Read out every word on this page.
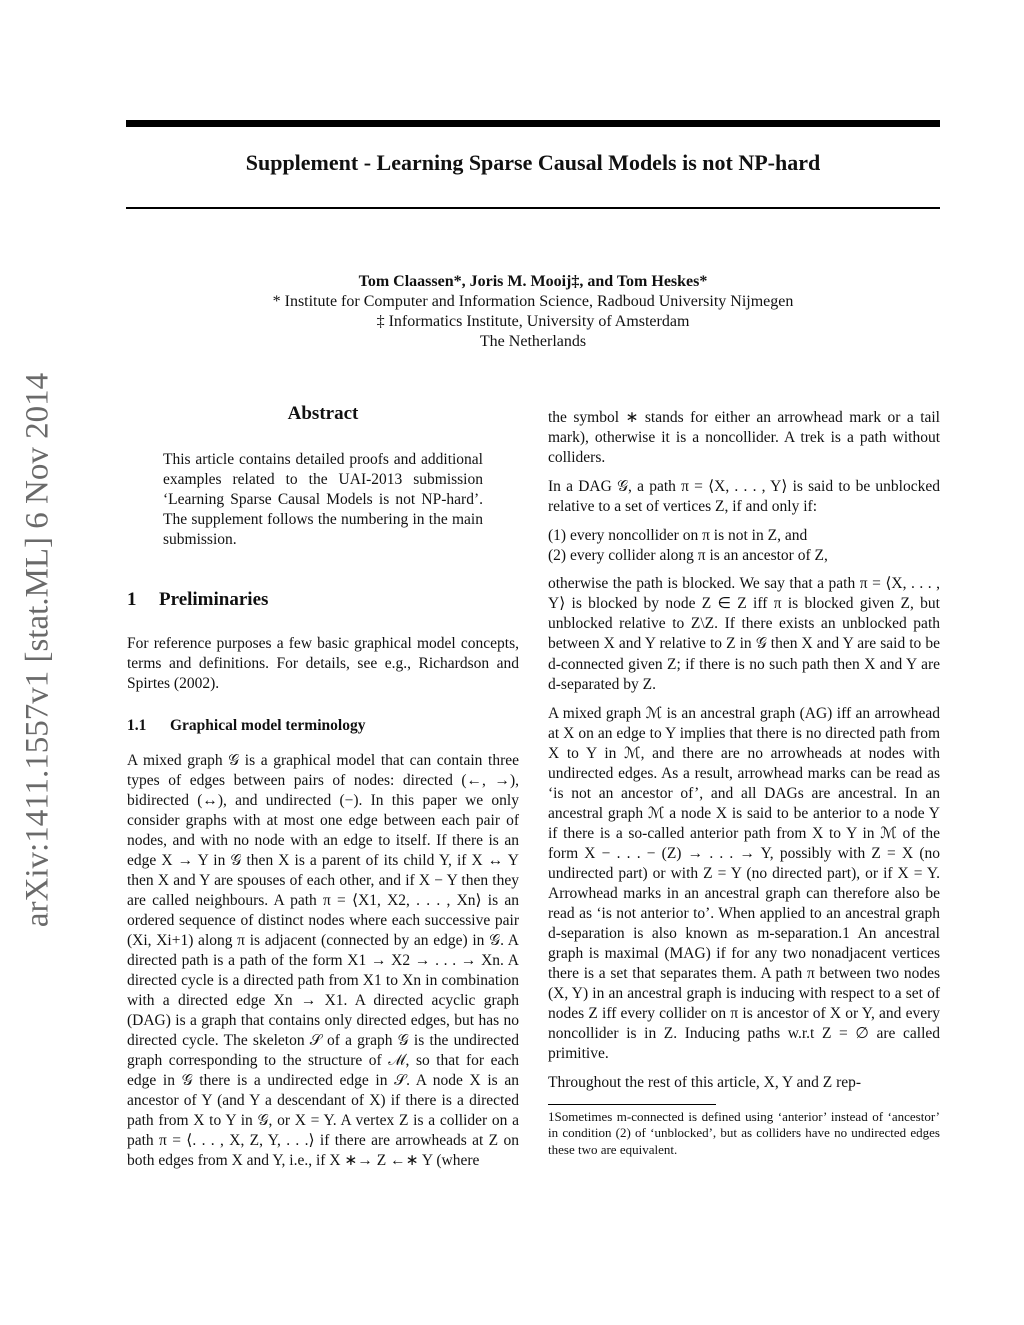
Supplement - Learning Sparse Causal Models is not NP-hard
Tom Claassen*, Joris M. Mooij‡, and Tom Heskes*
* Institute for Computer and Information Science, Radboud University Nijmegen
‡ Informatics Institute, University of Amsterdam
The Netherlands
arXiv:1411.1557v1 [stat.ML] 6 Nov 2014	Abstract
This article contains detailed proofs and additional examples related to the UAI-2013 submission ‘Learning Sparse Causal Models is not NP-hard’. The supplement follows the numbering in the main submission.
1 Preliminaries

For reference purposes a few basic graphical model concepts, terms and definitions. For details, see e.g., Richardson and Spirtes (2002).

1.1 Graphical model terminology

A mixed graph 𝒢 is a graphical model that can contain three types of edges between pairs of nodes: directed (←, →), bidirected (↔), and undirected (−). In this paper we only consider graphs with at most one edge between each pair of nodes, and with no node with an edge to itself. If there is an edge X → Y in 𝒢 then X is a parent of its child Y, if X ↔ Y then X and Y are spouses of each other, and if X − Y then they are called neighbours. A path π = ⟨X1, X2, . . . , Xn⟩ is an ordered sequence of distinct nodes where each successive pair (Xi, Xi+1) along π is adjacent (connected by an edge) in 𝒢. A directed path is a path of the form X1 → X2 → . . . → Xn. A directed cycle is a directed path from X1 to Xn in combination with a directed edge Xn → X1. A directed acyclic graph (DAG) is a graph that contains only directed edges, but has no directed cycle. The skeleton 𝒮 of a graph 𝒢 is the undirected graph corresponding to the structure of ℳ, so that for each edge in 𝒢 there is a undirected edge in 𝒮. A node X is an ancestor of Y (and Y a descendant of X) if there is a directed path from X to Y in 𝒢, or X = Y. A vertex Z is a collider on a path π = ⟨. . . , X, Z, Y, . . .⟩ if there are arrowheads at Z on both edges from X and Y, i.e., if X ∗→ Z ←∗ Y (where

the symbol ∗ stands for either an arrowhead mark or a tail mark), otherwise it is a noncollider. A trek is a path without colliders.

In a DAG 𝒢, a path π = ⟨X, . . . , Y⟩ is said to be unblocked relative to a set of vertices Z, if and only if:

(1) every noncollider on π is not in Z, and
(2) every collider along π is an ancestor of Z,

otherwise the path is blocked. We say that a path π = ⟨X, . . . , Y⟩ is blocked by node Z ∈ Z iff π is blocked given Z, but unblocked relative to Z\Z. If there exists an unblocked path between X and Y relative to Z in 𝒢 then X and Y are said to be d-connected given Z; if there is no such path then X and Y are d-separated by Z.

A mixed graph ℳ is an ancestral graph (AG) iff an arrowhead at X on an edge to Y implies that there is no directed path from X to Y in ℳ, and there are no arrowheads at nodes with undirected edges. As a result, arrowhead marks can be read as ‘is not an ancestor of’, and all DAGs are ancestral. In an ancestral graph ℳ a node X is said to be anterior to a node Y if there is a so-called anterior path from X to Y in ℳ of the form X − . . . − (Z) → . . . → Y, possibly with Z = X (no undirected part) or with Z = Y (no directed part), or if X = Y. Arrowhead marks in an ancestral graph can therefore also be read as ‘is not anterior to’. When applied to an ancestral graph d-separation is also known as m-separation.1 An ancestral graph is maximal (MAG) if for any two nonadjacent vertices there is a set that separates them. A path π between two nodes (X, Y) in an ancestral graph is inducing with respect to a set of nodes Z iff every collider on π is ancestor of X or Y, and every noncollider is in Z. Inducing paths w.r.t Z = ∅ are called primitive.

Throughout the rest of this article, X, Y and Z rep-

1Sometimes m-connected is defined using ‘anterior’ instead of ‘ancestor’ in condition (2) of ‘unblocked’, but as colliders have no undirected edges these two are equivalent.
